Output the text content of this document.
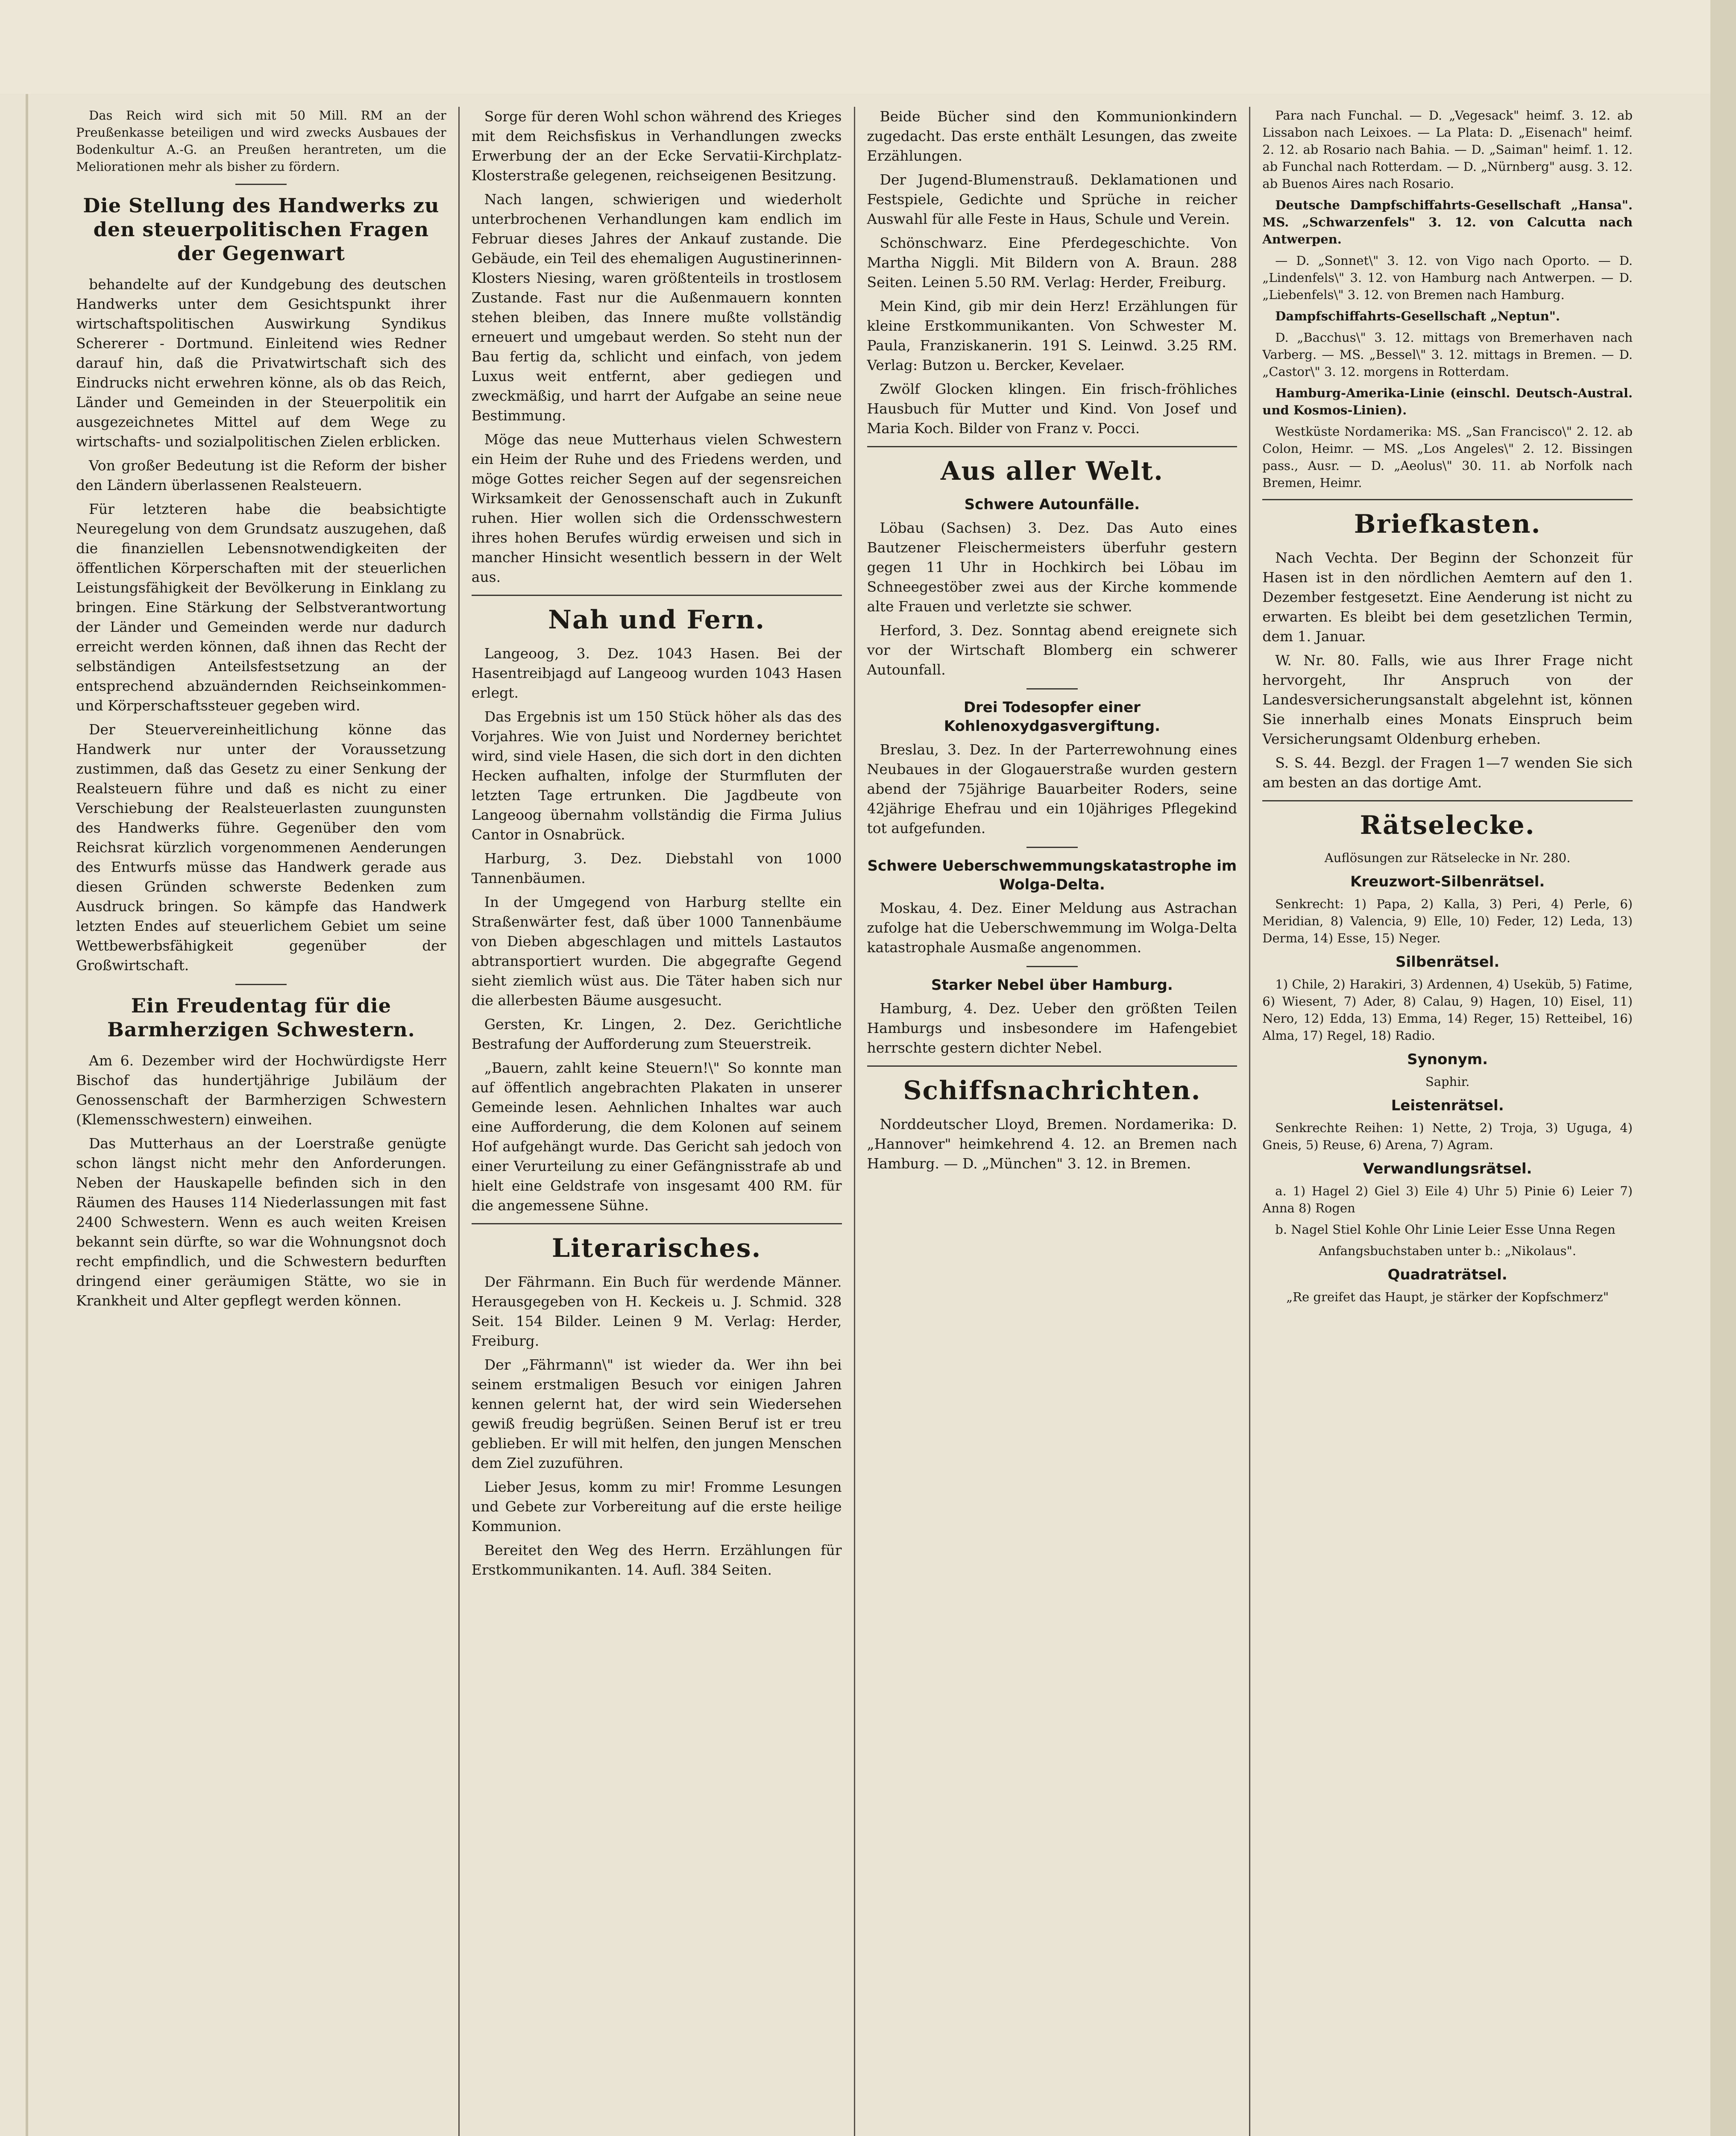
Das Reich wird sich mit 50 Mill. RM an der Preußenkasse beteiligen und wird zwecks Ausbaues der Bodenkultur A.-G. an Preußen herantreten, um die Meliorationen mehr als bisher zu fördern.

Die Stellung des Handwerks zu den steuerpolitischen Fragen der Gegenwart

behandelte auf der Kundgebung des deutschen Handwerks unter dem Gesichtspunkt ihrer wirtschaftspolitischen Auswirkung Syndikus Schererer - Dortmund. Einleitend wies Redner darauf hin, daß die Privatwirtschaft sich des Eindrucks nicht erwehren könne, als ob das Reich, Länder und Gemeinden in der Steuerpolitik ein ausgezeichnetes Mittel auf dem Wege zu wirtschafts- und sozialpolitischen Zielen erblicken.

Von großer Bedeutung ist die Reform der bisher den Ländern überlassenen Realsteuern.

Für letzteren habe die beabsichtigte Neuregelung von dem Grundsatz auszugehen, daß die finanziellen Lebensnotwendigkeiten der öffentlichen Körperschaften mit der steuerlichen Leistungsfähigkeit der Bevölkerung in Einklang zu bringen. Eine Stärkung der Selbstverantwortung der Länder und Gemeinden werde nur dadurch erreicht werden können, daß ihnen das Recht der selbständigen Anteilsfestsetzung an der entsprechend abzuändernden Reichseinkommen- und Körperschaftssteuer gegeben wird.

Der Steuervereinheitlichung könne das Handwerk nur unter der Voraussetzung zustimmen, daß das Gesetz zu einer Senkung der Realsteuern führe und daß es nicht zu einer Verschiebung der Realsteuerlasten zuungunsten des Handwerks führe. Gegenüber den vom Reichsrat kürzlich vorgenommenen Aenderungen des Entwurfs müsse das Handwerk gerade aus diesen Gründen schwerste Bedenken zum Ausdruck bringen. So kämpfe das Handwerk letzten Endes auf steuerlichem Gebiet um seine Wettbewerbsfähigkeit gegenüber der Großwirtschaft.

Ein Freudentag für die Barmherzigen Schwestern.

Am 6. Dezember wird der Hochwürdigste Herr Bischof das hundertjährige Jubiläum der Genossenschaft der Barmherzigen Schwestern (Klemensschwestern) einweihen.

Das Mutterhaus an der Loerstraße genügte schon längst nicht mehr den Anforderungen. Neben der Hauskapelle befinden sich in den Räumen des Hauses 114 Niederlassungen mit fast 2400 Schwestern. Wenn es auch weiten Kreisen bekannt sein dürfte, so war die Wohnungsnot doch recht empfindlich, und die Schwestern bedurften dringend einer geräumigen Stätte, wo sie in Krankheit und Alter gepflegt werden können.

Sorge für deren Wohl schon während des Krieges mit dem Reichsfiskus in Verhandlungen zwecks Erwerbung der an der Ecke Servatii-Kirchplatz-Klosterstraße gelegenen, reichseigenen Besitzung.

Nach langen, schwierigen und wiederholt unterbrochenen Verhandlungen kam endlich im Februar dieses Jahres der Ankauf zustande. Die Gebäude, ein Teil des ehemaligen Augustinerinnen-Klosters Niesing, waren größtenteils in trostlosem Zustande. Fast nur die Außenmauern konnten stehen bleiben, das Innere mußte vollständig erneuert und umgebaut werden. So steht nun der Bau fertig da, schlicht und einfach, von jedem Luxus weit entfernt, aber gediegen und zweckmäßig, und harrt der Aufgabe an seine neue Bestimmung.

Möge das neue Mutterhaus vielen Schwestern ein Heim der Ruhe und des Friedens werden, und möge Gottes reicher Segen auf der segensreichen Wirksamkeit der Genossenschaft auch in Zukunft ruhen. Hier wollen sich die Ordensschwestern ihres hohen Berufes würdig erweisen und sich in mancher Hinsicht wesentlich bessern in der Welt aus.

Nah und Fern.

Langeoog, 3. Dez. 1043 Hasen. Bei der Hasentreibjagd auf Langeoog wurden 1043 Hasen erlegt.

Das Ergebnis ist um 150 Stück höher als das des Vorjahres. Wie von Juist und Norderney berichtet wird, sind viele Hasen, die sich dort in den dichten Hecken aufhalten, infolge der Sturmfluten der letzten Tage ertrunken. Die Jagdbeute von Langeoog übernahm vollständig die Firma Julius Cantor in Osnabrück.

Harburg, 3. Dez. Diebstahl von 1000 Tannenbäumen.

In der Umgegend von Harburg stellte ein Straßenwärter fest, daß über 1000 Tannenbäume von Dieben abgeschlagen und mittels Lastautos abtransportiert wurden. Die abgegrafte Gegend sieht ziemlich wüst aus. Die Täter haben sich nur die allerbesten Bäume ausgesucht.

Gersten, Kr. Lingen, 2. Dez. Gerichtliche Bestrafung der Aufforderung zum Steuerstreik.

„Bauern, zahlt keine Steuern!\" So konnte man auf öffentlich angebrachten Plakaten in unserer Gemeinde lesen. Aehnlichen Inhaltes war auch eine Aufforderung, die dem Kolonen auf seinem Hof aufgehängt wurde. Das Gericht sah jedoch von einer Verurteilung zu einer Gefängnisstrafe ab und hielt eine Geldstrafe von insgesamt 400 RM. für die angemessene Sühne.

Literarisches.

Der Fährmann. Ein Buch für werdende Männer. Herausgegeben von H. Keckeis u. J. Schmid. 328 Seit. 154 Bilder. Leinen 9 M. Verlag: Herder, Freiburg.

Der „Fährmann\" ist wieder da. Wer ihn bei seinem erstmaligen Besuch vor einigen Jahren kennen gelernt hat, der wird sein Wiedersehen gewiß freudig begrüßen. Seinen Beruf ist er treu geblieben. Er will mit helfen, den jungen Menschen dem Ziel zuzuführen.

Lieber Jesus, komm zu mir! Fromme Lesungen und Gebete zur Vorbereitung auf die erste heilige Kommunion.

Bereitet den Weg des Herrn. Erzählungen für Erstkommunikanten. 14. Aufl. 384 Seiten.

Beide Bücher sind den Kommunionkindern zugedacht. Das erste enthält Lesungen, das zweite Erzählungen.

Der Jugend-Blumenstrauß. Deklamationen und Festspiele, Gedichte und Sprüche in reicher Auswahl für alle Feste in Haus, Schule und Verein.

Schönschwarz. Eine Pferdegeschichte. Von Martha Niggli. Mit Bildern von A. Braun. 288 Seiten. Leinen 5.50 RM. Verlag: Herder, Freiburg.

Mein Kind, gib mir dein Herz! Erzählungen für kleine Erstkommunikanten. Von Schwester M. Paula, Franziskanerin. 191 S. Leinwd. 3.25 RM. Verlag: Butzon u. Bercker, Kevelaer.

Zwölf Glocken klingen. Ein frisch-fröhliches Hausbuch für Mutter und Kind. Von Josef und Maria Koch. Bilder von Franz v. Pocci.

Aus aller Welt.
Schwere Autounfälle.

Löbau (Sachsen) 3. Dez. Das Auto eines Bautzener Fleischermeisters überfuhr gestern gegen 11 Uhr in Hochkirch bei Löbau im Schneegestöber zwei aus der Kirche kommende alte Frauen und verletzte sie schwer.

Herford, 3. Dez. Sonntag abend ereignete sich vor der Wirtschaft Blomberg ein schwerer Autounfall.

Drei Todesopfer einer Kohlenoxydgasvergiftung.

Breslau, 3. Dez. In der Parterrewohnung eines Neubaues in der Glogauerstraße wurden gestern abend der 75jährige Bauarbeiter Roders, seine 42jährige Ehefrau und ein 10jähriges Pflegekind tot aufgefunden.

Schwere Ueberschwemmungskatastrophe im Wolga-Delta.

Moskau, 4. Dez. Einer Meldung aus Astrachan zufolge hat die Ueberschwemmung im Wolga-Delta katastrophale Ausmaße angenommen.

Starker Nebel über Hamburg.

Hamburg, 4. Dez. Ueber den größten Teilen Hamburgs und insbesondere im Hafengebiet herrschte gestern dichter Nebel.

Schiffsnachrichten.

Norddeutscher Lloyd, Bremen. Nordamerika: D. „Hannover" heimkehrend 4. 12. an Bremen nach Hamburg. — D. „München" 3. 12. in Bremen.

Para nach Funchal. — D. „Vegesack" heimf. 3. 12. ab Lissabon nach Leixoes. — La Plata: D. „Eisenach" heimf. 2. 12. ab Rosario nach Bahia. — D. „Saiman" heimf. 1. 12. ab Funchal nach Rotterdam. — D. „Nürnberg" ausg. 3. 12. ab Buenos Aires nach Rosario.

Deutsche Dampfschiffahrts-Gesellschaft „Hansa". MS. „Schwarzenfels" 3. 12. von Calcutta nach Antwerpen.

— D. „Sonnet\" 3. 12. von Vigo nach Oporto. — D. „Lindenfels\" 3. 12. von Hamburg nach Antwerpen. — D. „Liebenfels\" 3. 12. von Bremen nach Hamburg.

Dampfschiffahrts-Gesellschaft „Neptun".

D. „Bacchus\" 3. 12. mittags von Bremerhaven nach Varberg. — MS. „Bessel\" 3. 12. mittags in Bremen. — D. „Castor\" 3. 12. morgens in Rotterdam.

Hamburg-Amerika-Linie (einschl. Deutsch-Austral. und Kosmos-Linien).

Westküste Nordamerika: MS. „San Francisco\" 2. 12. ab Colon, Heimr. — MS. „Los Angeles\" 2. 12. Bissingen pass., Ausr. — D. „Aeolus\" 30. 11. ab Norfolk nach Bremen, Heimr.

Briefkasten.

Nach Vechta. Der Beginn der Schonzeit für Hasen ist in den nördlichen Aemtern auf den 1. Dezember festgesetzt. Eine Aenderung ist nicht zu erwarten. Es bleibt bei dem gesetzlichen Termin, dem 1. Januar.

W. Nr. 80. Falls, wie aus Ihrer Frage nicht hervorgeht, Ihr Anspruch von der Landesversicherungsanstalt abgelehnt ist, können Sie innerhalb eines Monats Einspruch beim Versicherungsamt Oldenburg erheben.

S. S. 44. Bezgl. der Fragen 1—7 wenden Sie sich am besten an das dortige Amt.

Rätselecke.

Auflösungen zur Rätselecke in Nr. 280.

Kreuzwort-Silbenrätsel.

Senkrecht: 1) Papa, 2) Kalla, 3) Peri, 4) Perle, 6) Meridian, 8) Valencia, 9) Elle, 10) Feder, 12) Leda, 13) Derma, 14) Esse, 15) Neger.

Silbenrätsel.

1) Chile, 2) Harakiri, 3) Ardennen, 4) Useküb, 5) Fatime, 6) Wiesent, 7) Ader, 8) Calau, 9) Hagen, 10) Eisel, 11) Nero, 12) Edda, 13) Emma, 14) Reger, 15) Retteibel, 16) Alma, 17) Regel, 18) Radio.

Synonym.

Saphir.

Leistenrätsel.

Senkrechte Reihen: 1) Nette, 2) Troja, 3) Uguga, 4) Gneis, 5) Reuse, 6) Arena, 7) Agram.

Verwandlungsrätsel.

a. 1) Hagel 2) Giel 3) Eile 4) Uhr 5) Pinie 6) Leier 7) Anna 8) Rogen

b. Nagel Stiel Kohle Ohr Linie Leier Esse Unna Regen

Anfangsbuchstaben unter b.: „Nikolaus".

Quadraträtsel.

„Re greifet das Haupt, je stärker der Kopfschmerz"
